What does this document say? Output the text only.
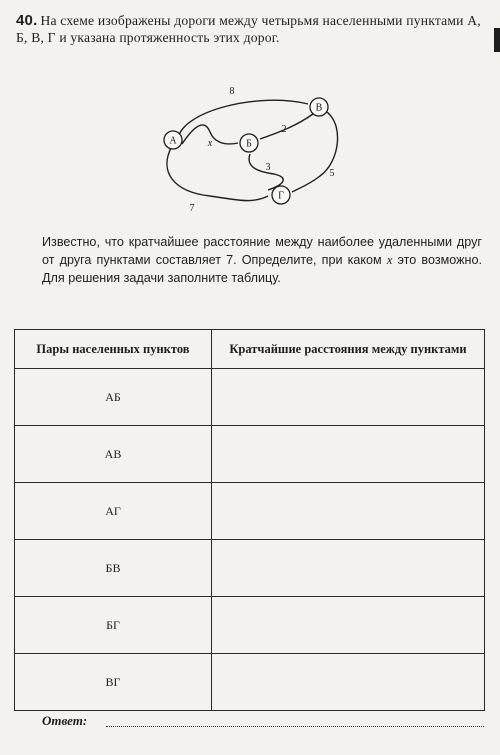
40. На схеме изображены дороги между четырьмя населенными пунктами А, Б, В, Г и указана протяженность этих дорог.
А	Б
В
Г
8
2
3
5
7
x
Известно, что кратчайшее расстояние между наиболее удаленными друг от друга пунктами составляет 7. Определите, при каком x это возможно. Для решения задачи заполните таблицу.
Пары населенных пунктов	Кратчайшие расстояния между пунктами
АБ	
АВ	
АГ	
БВ	
БГ	
ВГ	
Ответ:
